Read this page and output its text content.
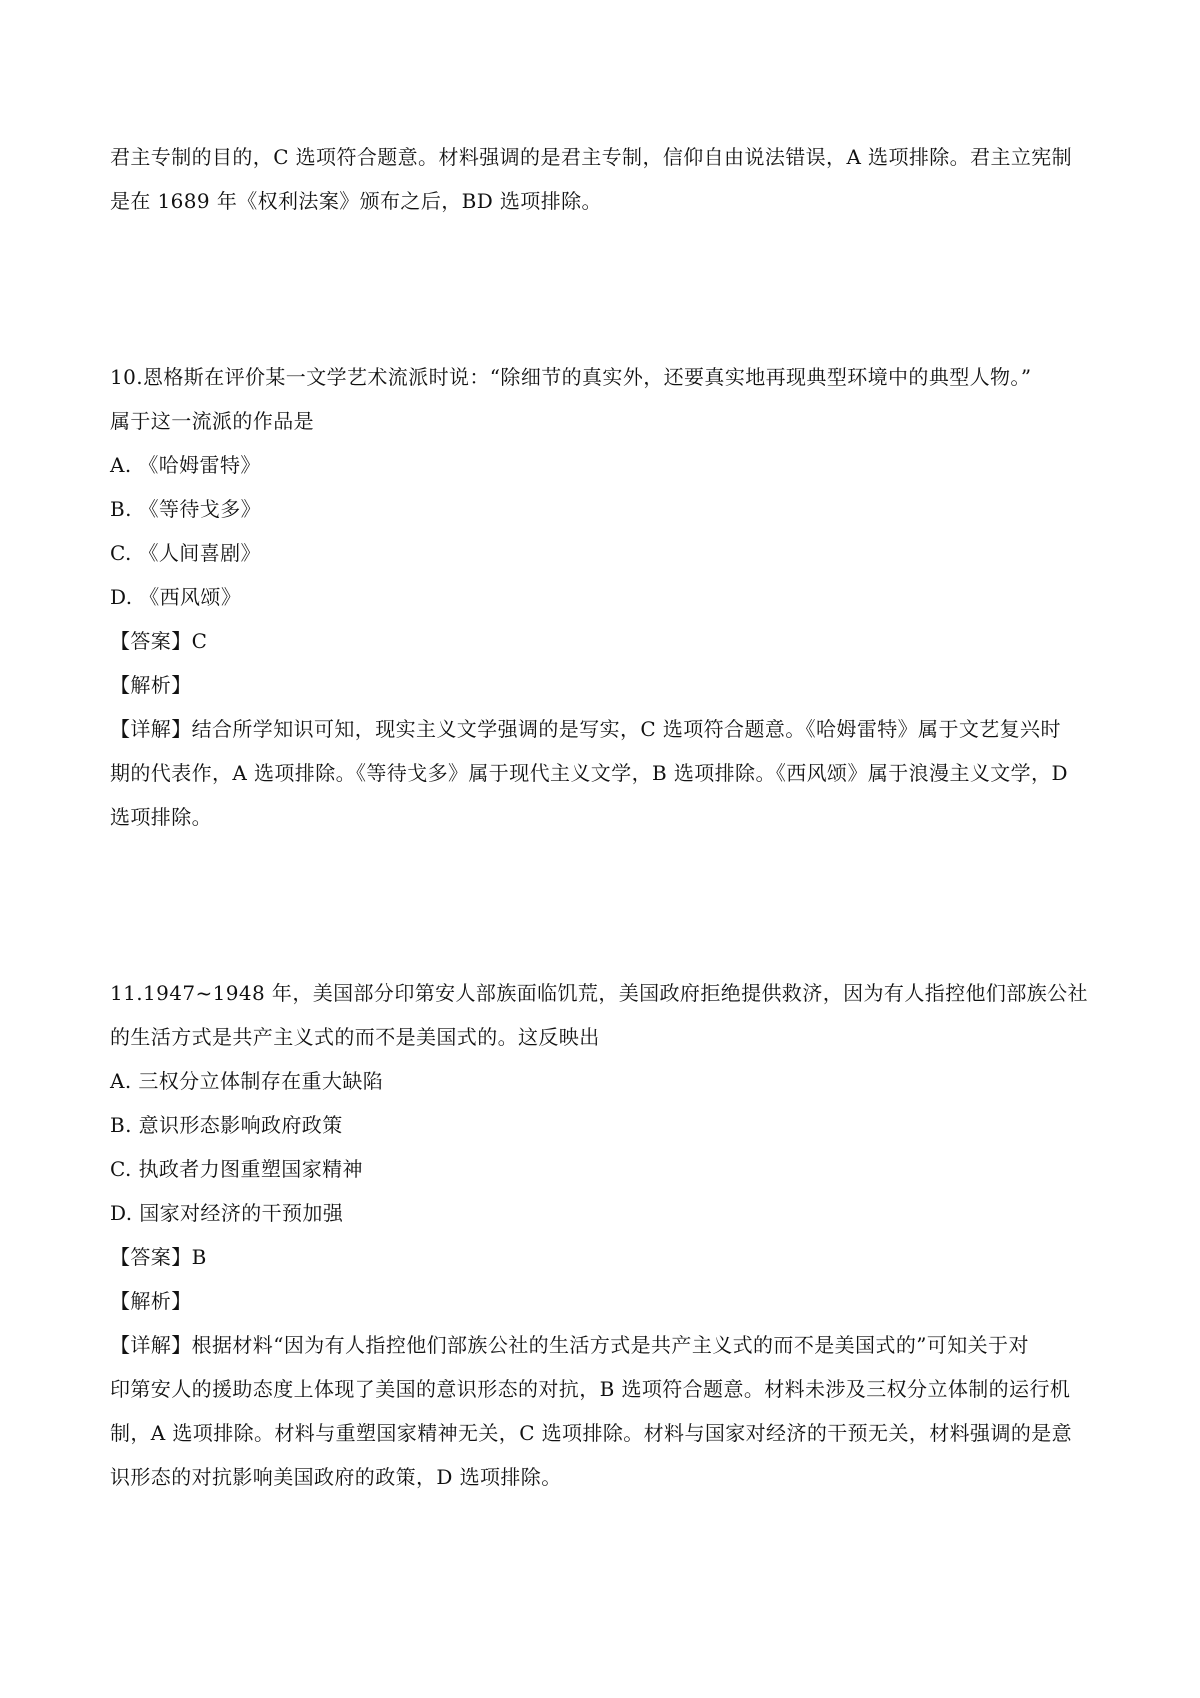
君主专制的目的，C 选项符合题意。材料强调的是君主专制，信仰自由说法错误，A 选项排除。君主立宪制
是在 1689 年《权利法案》颁布之后，BD 选项排除。
10.恩格斯在评价某一文学艺术流派时说：“除细节的真实外，还要真实地再现典型环境中的典型人物。”
属于这一流派的作品是
A. 《哈姆雷特》
B. 《等待戈多》
C. 《人间喜剧》
D. 《西风颂》
【答案】C
【解析】
【详解】结合所学知识可知，现实主义文学强调的是写实，C 选项符合题意。《哈姆雷特》属于文艺复兴时
期的代表作，A 选项排除。《等待戈多》属于现代主义文学，B 选项排除。《西风颂》属于浪漫主义文学，D
选项排除。
11.1947~1948 年，美国部分印第安人部族面临饥荒，美国政府拒绝提供救济，因为有人指控他们部族公社
的生活方式是共产主义式的而不是美国式的。这反映出
A. 三权分立体制存在重大缺陷
B. 意识形态影响政府政策
C. 执政者力图重塑国家精神
D. 国家对经济的干预加强
【答案】B
【解析】
【详解】根据材料“因为有人指控他们部族公社的生活方式是共产主义式的而不是美国式的”可知关于对
印第安人的援助态度上体现了美国的意识形态的对抗，B 选项符合题意。材料未涉及三权分立体制的运行机
制，A 选项排除。材料与重塑国家精神无关，C 选项排除。材料与国家对经济的干预无关，材料强调的是意
识形态的对抗影响美国政府的政策，D 选项排除。
